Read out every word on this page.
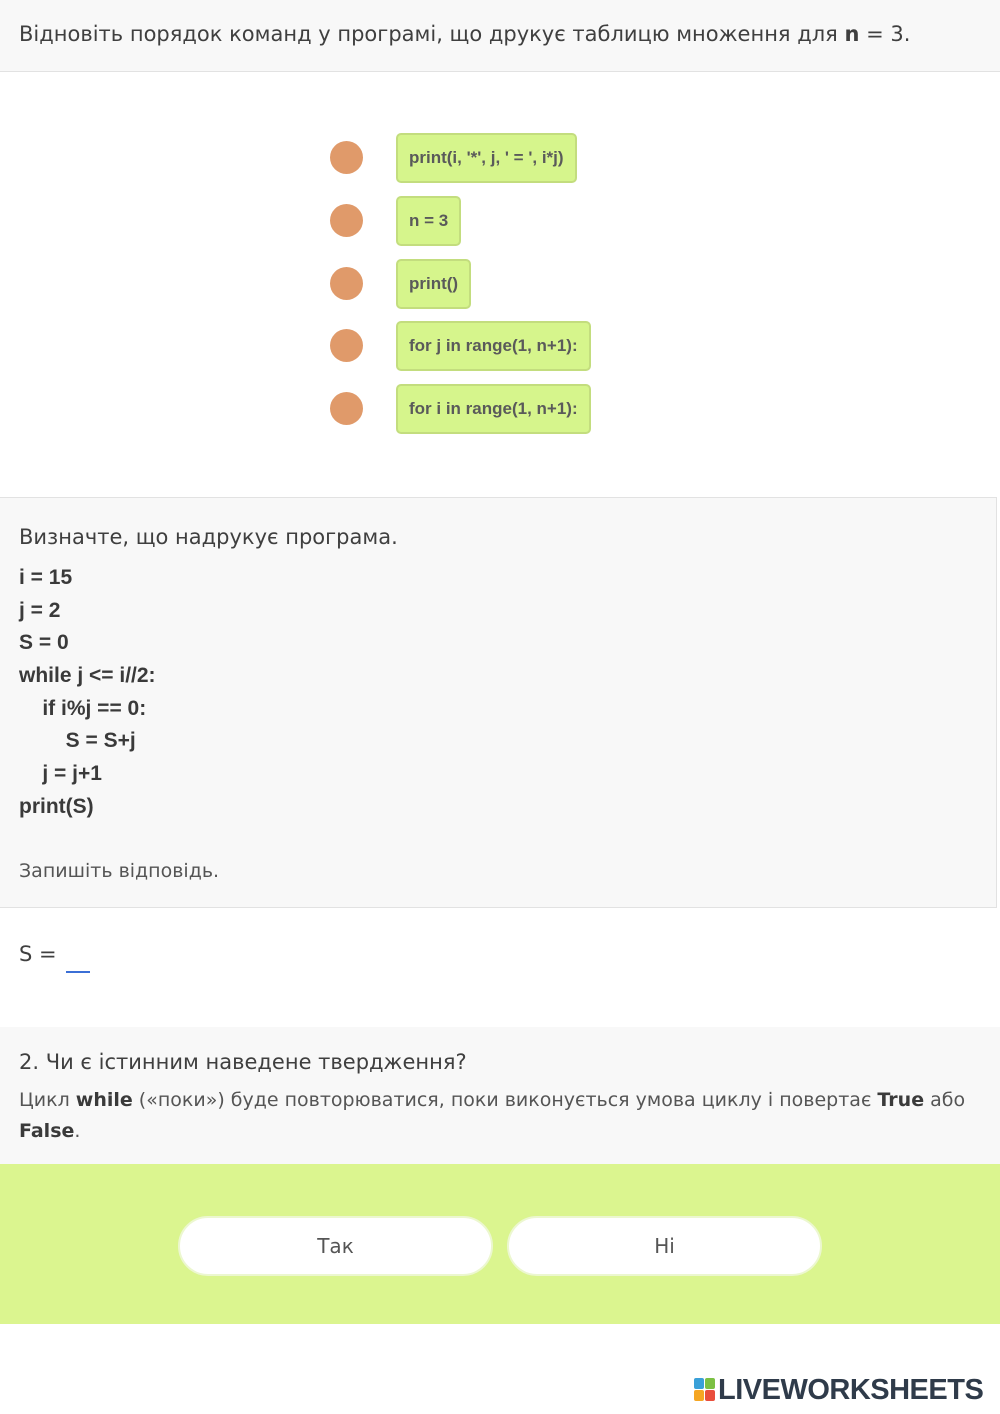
Відновіть порядок команд у програмі, що друкує таблицю множення для n = 3.
print(i, '*', j, ' = ', i*j)
n = 3
print()
for j in range(1, n+1):
for i in range(1, n+1):
Визначте, що надрукує програма.
i = 15
j = 2
S = 0
while j <= i//2:
if i%j == 0:
S = S+j
j = j+1
print(S)
Запишіть відповідь.
S =
2. Чи є істинним наведене твердження?
Цикл while («поки») буде повторюватися, поки виконується умова циклу і повертає True або
False.
Так	Ні
LIVEWORKSHEETS
